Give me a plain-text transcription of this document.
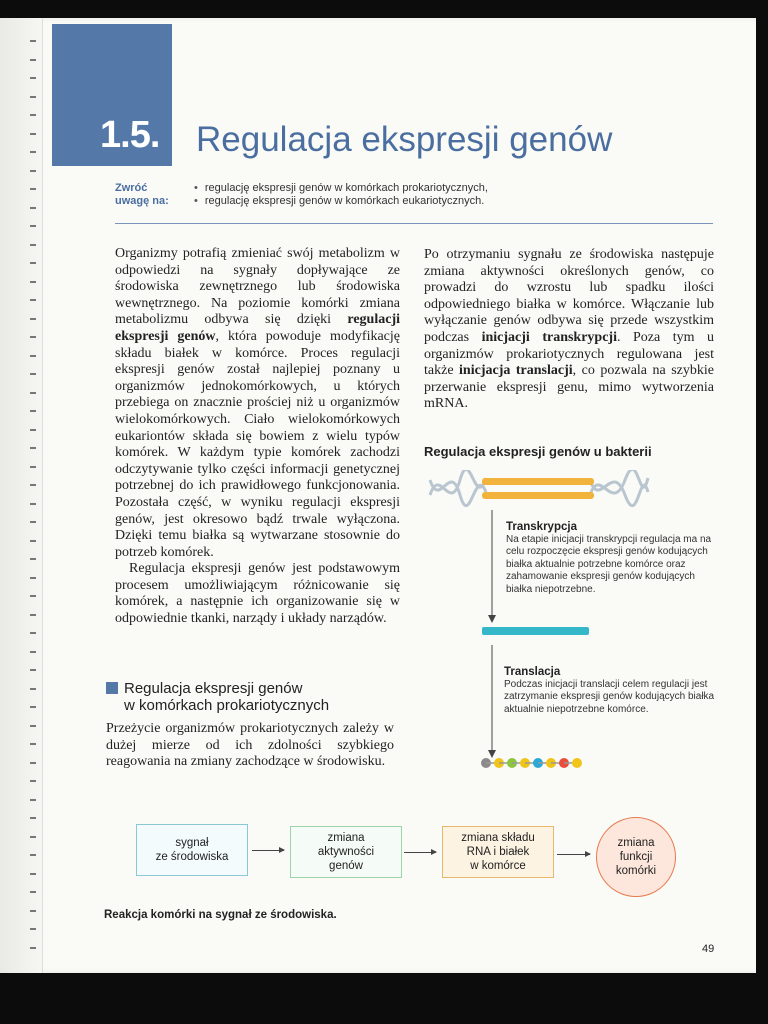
1.5. Regulacja ekspresji genów
Zwróć
uwagę na:
• regulację ekspresji genów w komórkach prokariotycznych,
• regulację ekspresji genów w komórkach eukariotycznych.

Organizmy potrafią zmieniać swój metabolizm w odpowiedzi na sygnały dopływające ze środowiska zewnętrznego lub środowiska wewnętrznego. Na poziomie komórki zmiana metabolizmu odbywa się dzięki regulacji ekspresji genów, która powoduje modyfikację składu białek w komórce. Proces regulacji ekspresji genów został najlepiej poznany u organizmów jednokomórkowych, u których przebiega on znacznie prościej niż u organizmów wielokomórkowych. Ciało wielokomórkowych eukariontów składa się bowiem z wielu typów komórek. W każdym typie komórek zachodzi odczytywanie tylko części informacji genetycznej potrzebnej do ich prawidłowego funkcjonowania. Pozostała część, w wyniku regulacji ekspresji genów, jest okresowo bądź trwale wyłączona. Dzięki temu białka są wytwarzane stosownie do potrzeb komórek.

Regulacja ekspresji genów jest podstawowym procesem umożliwiającym różnicowanie się komórek, a następnie ich organizowanie się w odpowiednie tkanki, narządy i układy narządów.

Regulacja ekspresji genów
w komórkach prokariotycznych
Przeżycie organizmów prokariotycznych zależy w dużej mierze od ich zdolności szybkiego reagowania na zmiany zachodzące w środowisku.

Po otrzymaniu sygnału ze środowiska następuje zmiana aktywności określonych genów, co prowadzi do wzrostu lub spadku ilości odpowiedniego białka w komórce. Włączanie lub wyłączanie genów odbywa się przede wszystkim podczas inicjacji transkrypcji. Poza tym u organizmów prokariotycznych regulowana jest także inicjacja translacji, co pozwala na szybkie przerwanie ekspresji genu, mimo wytworzenia mRNA.

Regulacja ekspresji genów u bakterii
Transkrypcja
Na etapie inicjacji transkrypcji regulacja ma na celu rozpoczęcie ekspresji genów kodujących białka aktualnie potrzebne komórce oraz zahamowanie ekspresji genów kodujących białka niepotrzebne.
Translacja
Podczas inicjacji translacji celem regulacji jest zatrzymanie ekspresji genów kodujących białka aktualnie niepotrzebne komórce.
sygnał
ze środowiska
zmiana
aktywności
genów
zmiana składu
RNA i białek
w komórce
zmiana
funkcji
komórki
Reakcja komórki na sygnał ze środowiska.
49
